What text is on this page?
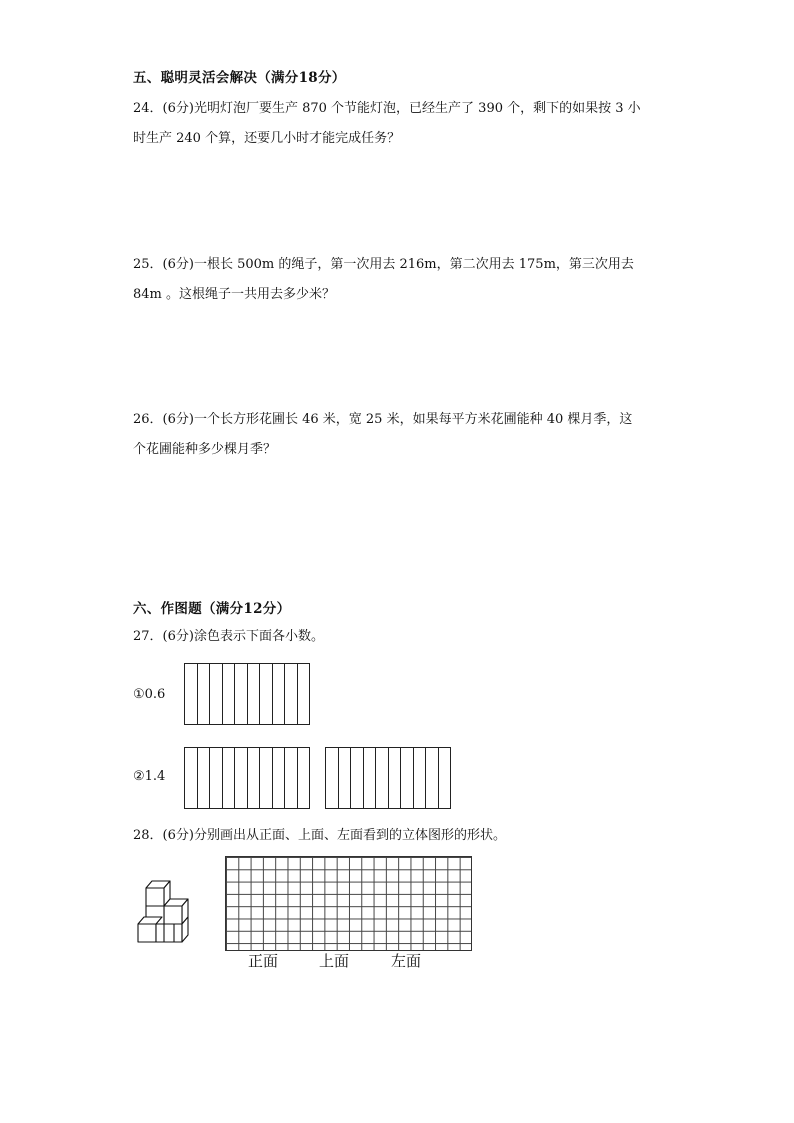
五、聪明灵活会解决（满分18分）
24．(6分)光明灯泡厂要生产 870 个节能灯泡，已经生产了 390 个，剩下的如果按 3 小
时生产 240 个算，还要几小时才能完成任务？
25．(6分)一根长 500m 的绳子，第一次用去 216m，第二次用去 175m，第三次用去
84m 。这根绳子一共用去多少米？
26．(6分)一个长方形花圃长 46 米，宽 25 米，如果每平方米花圃能种 40 棵月季，这
个花圃能种多少棵月季？
六、作图题（满分12分）
27．(6分)涂色表示下面各小数。
①0.6
②1.4
28．(6分)分别画出从正面、上面、左面看到的立体图形的形状。
正面	上面	左面
